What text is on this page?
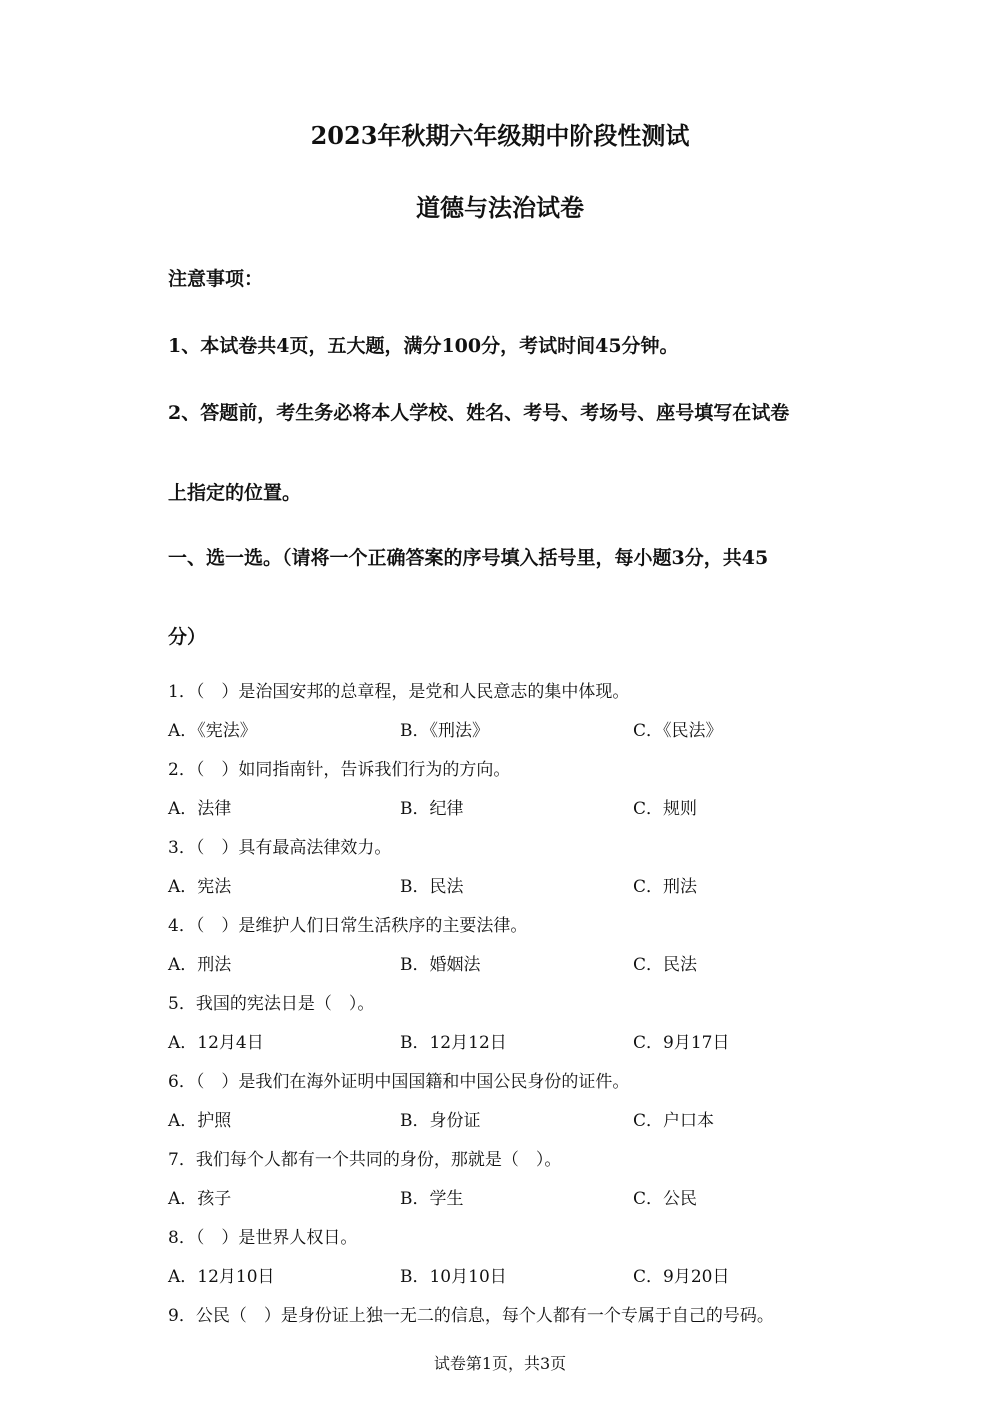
2023年秋期六年级期中阶段性测试
道德与法治试卷
注意事项：
1、本试卷共4页，五大题，满分100分，考试时间45分钟。
2、答题前，考生务必将本人学校、姓名、考号、考场号、座号填写在试卷
上指定的位置。
一、选一选。（请将一个正确答案的序号填入括号里，每小题3分，共45
分）
1．（　）是治国安邦的总章程，是党和人民意志的集中体现。
A．《宪法》	B．《刑法》	C．《民法》
2．（　）如同指南针，告诉我们行为的方向。
A．法律	B．纪律	C．规则
3．（　）具有最高法律效力。
A．宪法	B．民法	C．刑法
4．（　）是维护人们日常生活秩序的主要法律。
A．刑法	B．婚姻法	C．民法
5．我国的宪法日是（　）。
A．12月4日	B．12月12日	C．9月17日
6．（　）是我们在海外证明中国国籍和中国公民身份的证件。
A．护照	B．身份证	C．户口本
7．我们每个人都有一个共同的身份，那就是（　）。
A．孩子	B．学生	C．公民
8．（　）是世界人权日。
A．12月10日	B．10月10日	C．9月20日
9．公民（　）是身份证上独一无二的信息，每个人都有一个专属于自己的号码。
试卷第1页，共3页
